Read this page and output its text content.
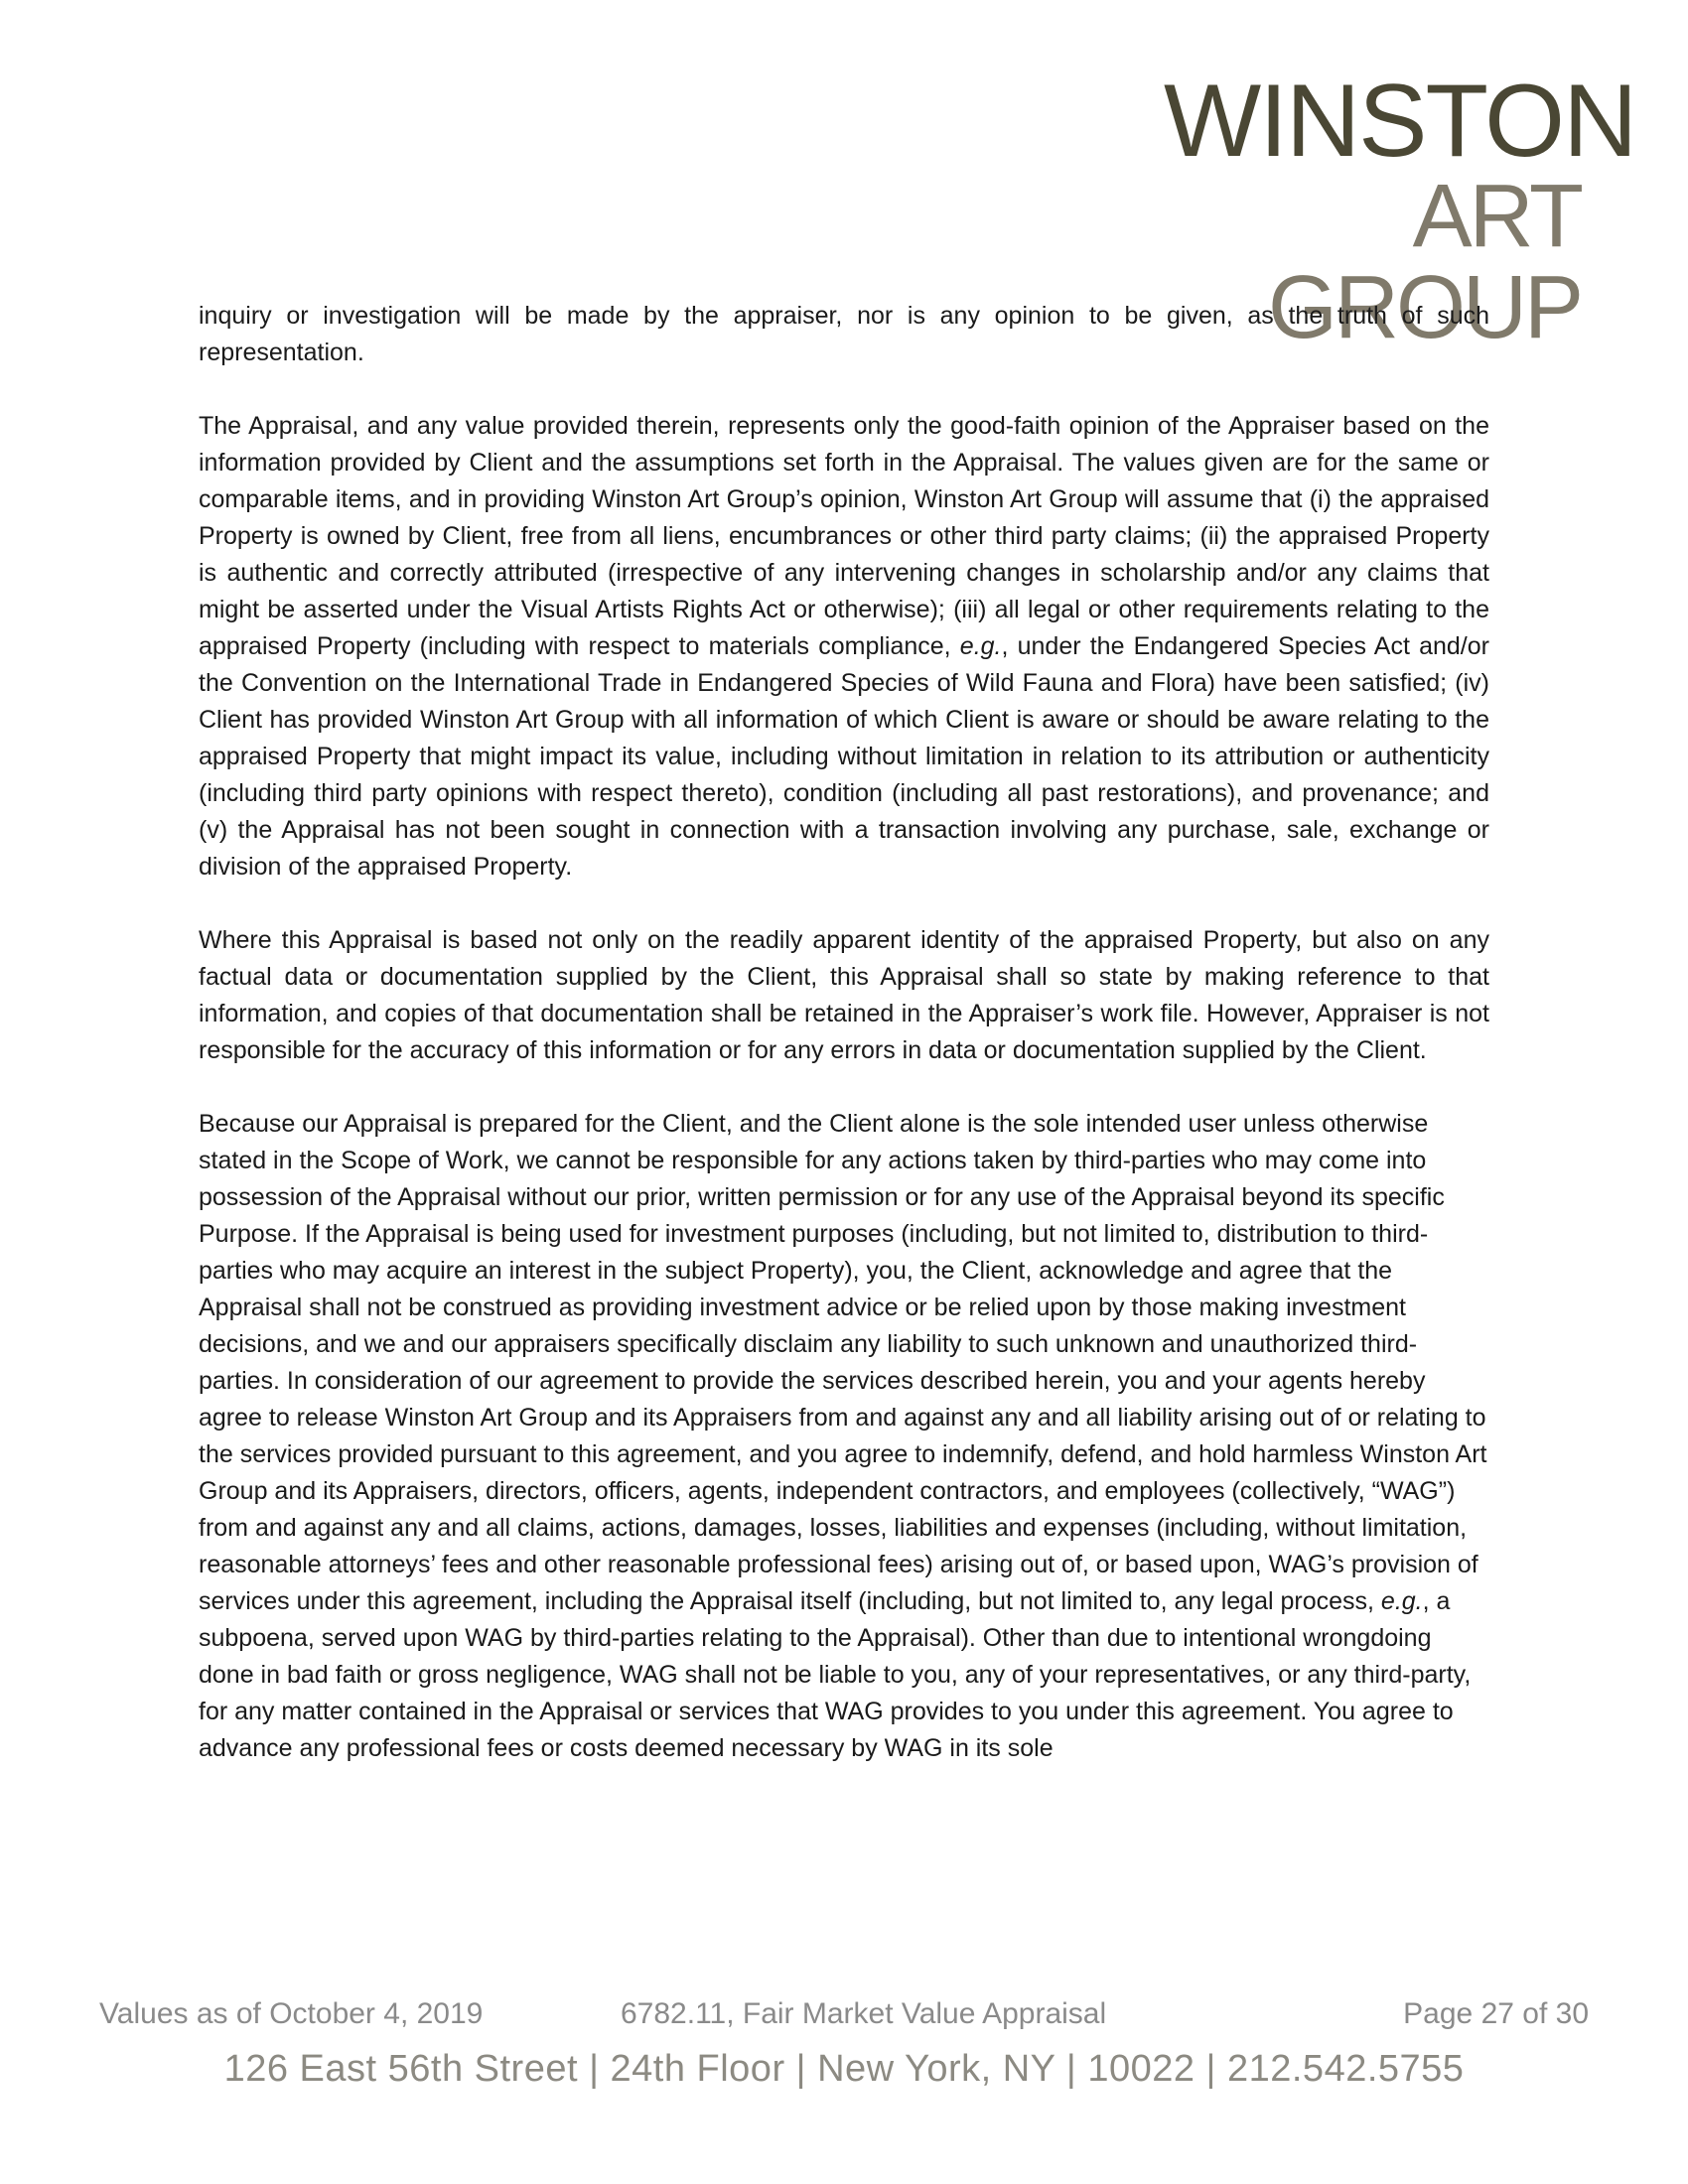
WINSTON
ART GROUP

inquiry or investigation will be made by the appraiser, nor is any opinion to be given, as the truth of such representation.

The Appraisal, and any value provided therein, represents only the good-faith opinion of the Appraiser based on the information provided by Client and the assumptions set forth in the Appraisal. The values given are for the same or comparable items, and in providing Winston Art Group’s opinion, Winston Art Group will assume that (i) the appraised Property is owned by Client, free from all liens, encumbrances or other third party claims; (ii) the appraised Property is authentic and correctly attributed (irrespective of any intervening changes in scholarship and/or any claims that might be asserted under the Visual Artists Rights Act or otherwise); (iii) all legal or other requirements relating to the appraised Property (including with respect to materials compliance, e.g., under the Endangered Species Act and/or the Convention on the International Trade in Endangered Species of Wild Fauna and Flora) have been satisfied; (iv) Client has provided Winston Art Group with all information of which Client is aware or should be aware relating to the appraised Property that might impact its value, including without limitation in relation to its attribution or authenticity (including third party opinions with respect thereto), condition (including all past restorations), and provenance; and (v) the Appraisal has not been sought in connection with a transaction involving any purchase, sale, exchange or division of the appraised Property.

Where this Appraisal is based not only on the readily apparent identity of the appraised Property, but also on any factual data or documentation supplied by the Client, this Appraisal shall so state by making reference to that information, and copies of that documentation shall be retained in the Appraiser’s work file. However, Appraiser is not responsible for the accuracy of this information or for any errors in data or documentation supplied by the Client.

Because our Appraisal is prepared for the Client, and the Client alone is the sole intended user unless otherwise stated in the Scope of Work, we cannot be responsible for any actions taken by third-parties who may come into possession of the Appraisal without our prior, written permission or for any use of the Appraisal beyond its specific Purpose. If the Appraisal is being used for investment purposes (including, but not limited to, distribution to third-parties who may acquire an interest in the subject Property), you, the Client, acknowledge and agree that the Appraisal shall not be construed as providing investment advice or be relied upon by those making investment decisions, and we and our appraisers specifically disclaim any liability to such unknown and unauthorized third-parties. In consideration of our agreement to provide the services described herein, you and your agents hereby agree to release Winston Art Group and its Appraisers from and against any and all liability arising out of or relating to the services provided pursuant to this agreement, and you agree to indemnify, defend, and hold harmless Winston Art Group and its Appraisers, directors, officers, agents, independent contractors, and employees (collectively, “WAG”) from and against any and all claims, actions, damages, losses, liabilities and expenses (including, without limitation, reasonable attorneys’ fees and other reasonable professional fees) arising out of, or based upon, WAG’s provision of services under this agreement, including the Appraisal itself (including, but not limited to, any legal process, e.g., a subpoena, served upon WAG by third-parties relating to the Appraisal). Other than due to intentional wrongdoing done in bad faith or gross negligence, WAG shall not be liable to you, any of your representatives, or any third-party, for any matter contained in the Appraisal or services that WAG provides to you under this agreement. You agree to advance any professional fees or costs deemed necessary by WAG in its sole

Values as of October 4, 2019	6782.11, Fair Market Value Appraisal	Page 27 of 30
126 East 56th Street | 24th Floor | New York, NY | 10022 | 212.542.5755
